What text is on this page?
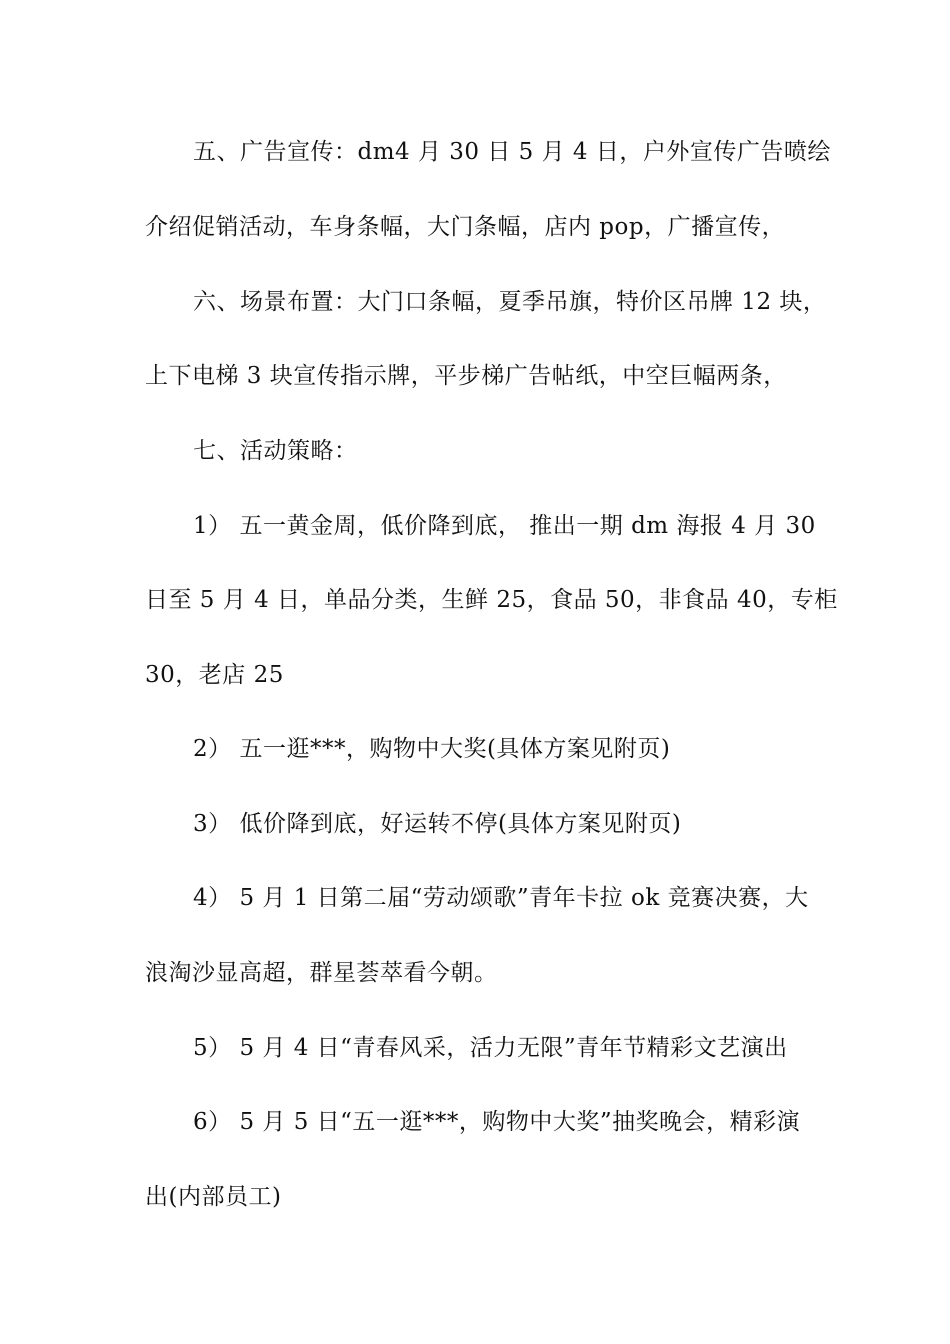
五、广告宣传：dm4 月 30 日 5 月 4 日，户外宣传广告喷绘
介绍促销活动，车身条幅，大门条幅，店内 pop，广播宣传，
六、场景布置：大门口条幅，夏季吊旗，特价区吊牌 12 块，
上下电梯 3 块宣传指示牌，平步梯广告帖纸，中空巨幅两条，
七、活动策略：
1） 五一黄金周，低价降到底， 推出一期 dm 海报 4 月 30
日至 5 月 4 日，单品分类，生鲜 25，食品 50，非食品 40，专柜
30，老店 25
2） 五一逛***，购物中大奖(具体方案见附页)
3） 低价降到底，好运转不停(具体方案见附页)
4） 5 月 1 日第二届“劳动颂歌”青年卡拉 ok 竞赛决赛，大
浪淘沙显高超，群星荟萃看今朝。
5） 5 月 4 日“青春风采，活力无限”青年节精彩文艺演出
6） 5 月 5 日“五一逛***，购物中大奖”抽奖晚会，精彩演
出(内部员工)
